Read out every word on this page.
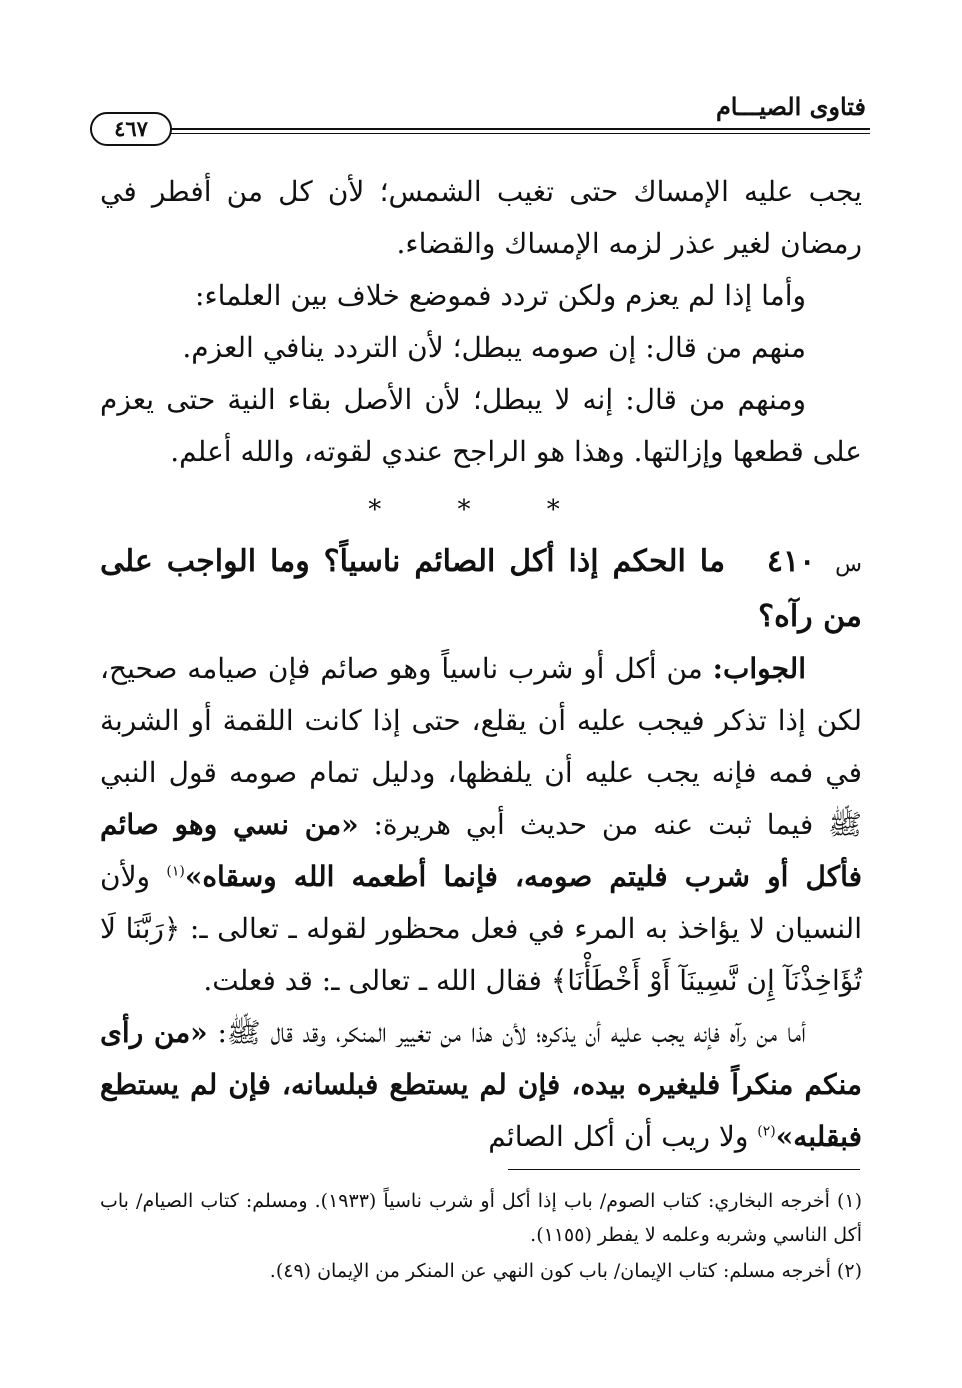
فتاوى الصيـــام
٤٦٧

يجب عليه الإمساك حتى تغيب الشمس؛ لأن كل من أفطر في رمضان لغير عذر لزمه الإمساك والقضاء.

وأما إذا لم يعزم ولكن تردد فموضع خلاف بين العلماء:

منهم من قال: إن صومه يبطل؛ لأن التردد ينافي العزم.

ومنهم من قال: إنه لا يبطل؛ لأن الأصل بقاء النية حتى يعزم على قطعها وإزالتها. وهذا هو الراجح عندي لقوته، والله أعلم.

* * *

س ٤١٠   ما الحكم إذا أكل الصائم ناسياً؟ وما الواجب على من رآه؟

الجواب: من أكل أو شرب ناسياً وهو صائم فإن صيامه صحيح، لكن إذا تذكر فيجب عليه أن يقلع، حتى إذا كانت اللقمة أو الشربة في فمه فإنه يجب عليه أن يلفظها، ودليل تمام صومه قول النبي ﷺ فيما ثبت عنه من حديث أبي هريرة: «من نسي وهو صائم فأكل أو شرب فليتم صومه، فإنما أطعمه الله وسقاه»$^{(١)}$ ولأن النسيان لا يؤاخذ به المرء في فعل محظور لقوله ـ تعالى ـ: ﴿رَبَّنَا لَا تُؤَاخِذْنَآ إِن نَّسِينَآ أَوْ أَخْطَأْنَا﴾ فقال الله ـ تعالى ـ: قد فعلت.

أما من رآه فإنه يجب عليه أن يذكره؛ لأن هذا من تغيير المنكر، وقد قال ﷺ: «من رأى منكم منكراً فليغيره بيده، فإن لم يستطع فبلسانه، فإن لم يستطع فبقلبه»$^{(٢)}$ ولا ريب أن أكل الصائم

(١) أخرجه البخاري: كتاب الصوم/ باب إذا أكل أو شرب ناسياً (١٩٣٣). ومسلم: كتاب الصيام/ باب أكل الناسي وشربه وعلمه لا يفطر (١١٥٥).

(٢) أخرجه مسلم: كتاب الإيمان/ باب كون النهي عن المنكر من الإيمان (٤٩).
